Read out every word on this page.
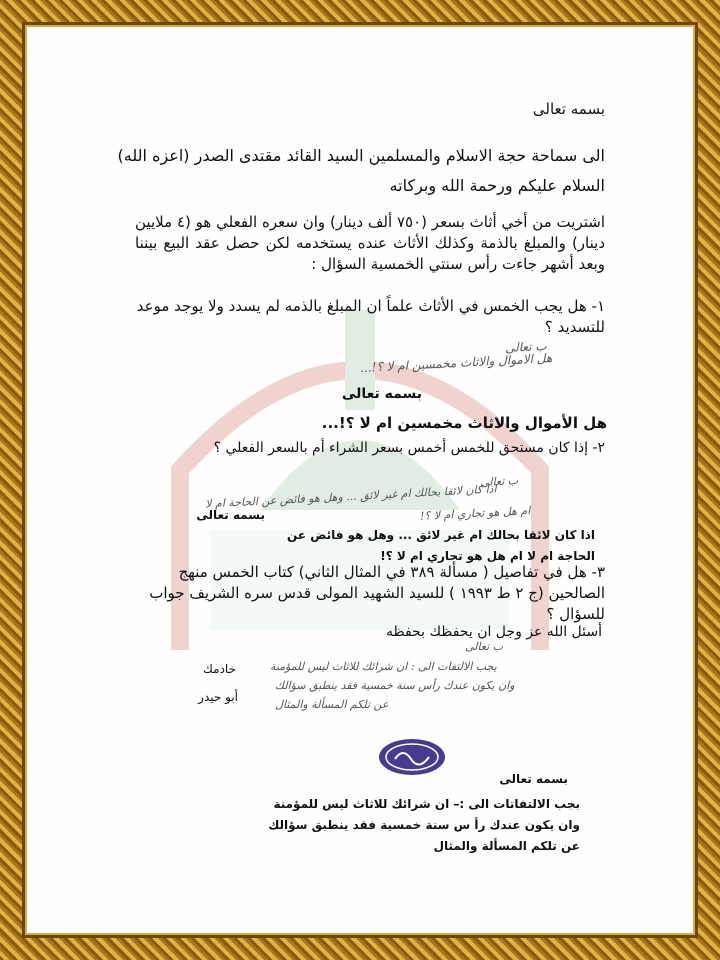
بسمه تعالى
الى سماحة حجة الاسلام والمسلمين السيد القائد مقتدى الصدر (اعزه الله)
السلام عليكم ورحمة الله وبركاته
اشتريت من أخي أثاث بسعر (٧٥٠ ألف دينار) وان سعره الفعلي هو (٤ ملايين دينار) والمبلغ بالذمة وكذلك الأثاث عنده يستخدمه لكن حصل عقد البيع بيننا وبعد أشهر جاءت رأس سنتي الخمسية السؤال :
١- هل يجب الخمس في الأثاث علماً ان المبلغ بالذمه لم يسدد ولا يوجد موعد للتسديد ؟
ب تعالى
هل الاموال والاثاث مخمسين ام لا ؟!...
بسمه تعالى
هل الأموال والاثاث مخمسين ام لا ؟!...
٢- إذا كان مستحق للخمس أخمس بسعر الشراء أم بالسعر الفعلي ؟
ب تعالى
اذا كان لائقا بحالك ام غير لائق ... وهل هو فائض عن الحاجة ام لا
ام هل هو تجاري ام لا ؟!
بسمه تعالى
اذا كان لائقا بحالك ام غير لائق ... وهل هو فائض عن
الحاجة ام لا ام هل هو تجاري ام لا ؟!
٣- هل في تفاصيل ( مسألة ٣٨٩ في المثال الثاني) كتاب الخمس منهج الصالحين (ج ٢ ط ١٩٩٣ ) للسيد الشهيد المولى قدس سره الشريف جواب للسؤال ؟
أسئل الله عز وجل ان يحفظك بحفظه
ب تعالى
خادمك
أبو حيدر
يجب الالتفات الى : ان شرائك للاثاث ليس للمؤمنة
وان يكون عندك رأس سنة خمسية فقد ينطبق سؤالك
عن تلكم المسألة والمثال
بسمه تعالى
بجب الالتفاتات الى :– ان شرائك للاثاث ليس للمؤمنة
وان يكون عندك رأ س سنة خمسية فقد ينطبق سؤالك
عن تلكم المسألة والمثال
